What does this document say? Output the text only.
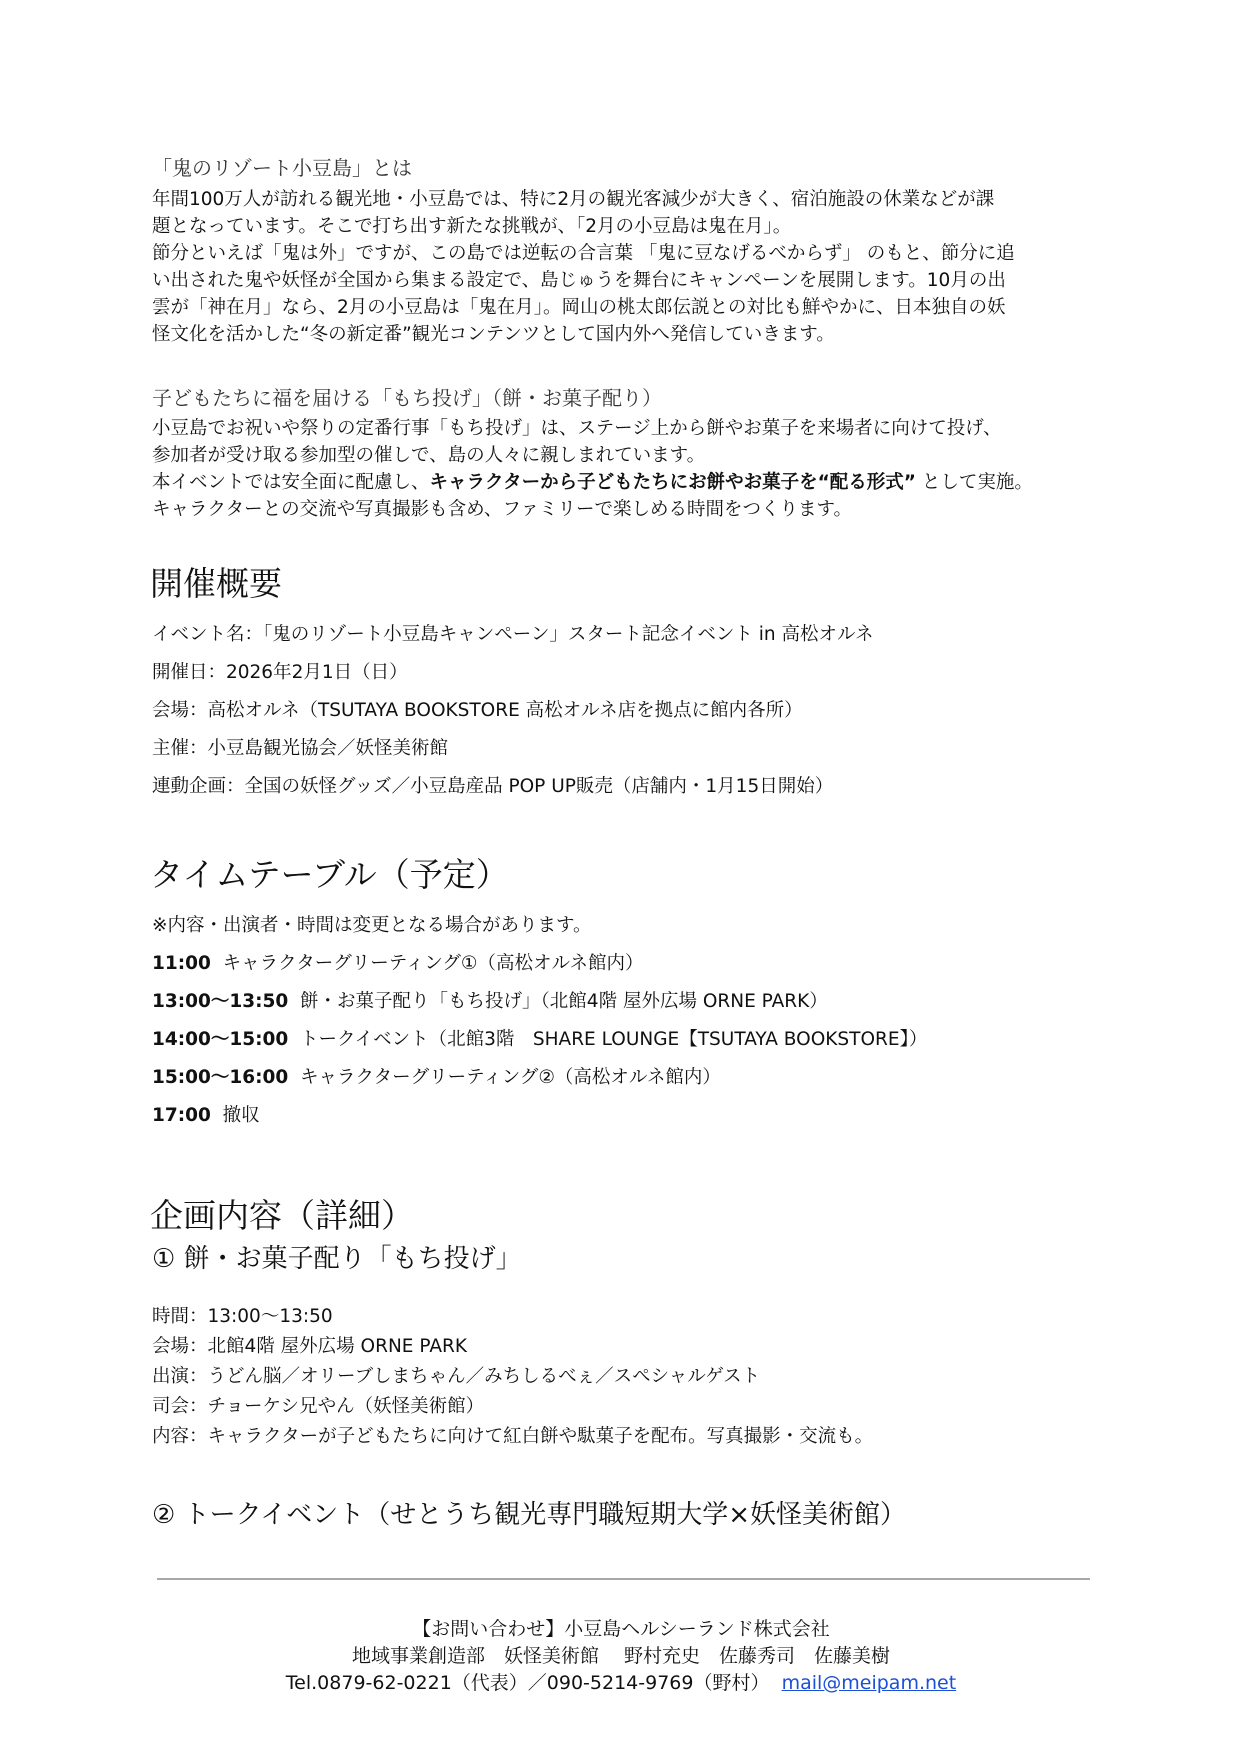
「鬼のリゾート小豆島」とは
年間100万人が訪れる観光地・小豆島では、特に2月の観光客減少が大きく、宿泊施設の休業などが課
題となっています。そこで打ち出す新たな挑戦が、「2月の小豆島は鬼在月」。
節分といえば「鬼は外」ですが、この島では逆転の合言葉 「鬼に豆なげるべからず」 のもと、節分に追
い出された鬼や妖怪が全国から集まる設定で、島じゅうを舞台にキャンペーンを展開します。10月の出
雲が「神在月」なら、2月の小豆島は「鬼在月」。岡山の桃太郎伝説との対比も鮮やかに、日本独自の妖
怪文化を活かした“冬の新定番”観光コンテンツとして国内外へ発信していきます。
子どもたちに福を届ける「もち投げ」（餅・お菓子配り）
小豆島でお祝いや祭りの定番行事「もち投げ」は、ステージ上から餅やお菓子を来場者に向けて投げ、
参加者が受け取る参加型の催しで、島の人々に親しまれています。
本イベントでは安全面に配慮し、キャラクターから子どもたちにお餅やお菓子を“配る形式” として実施。
キャラクターとの交流や写真撮影も含め、ファミリーで楽しめる時間をつくります。
開催概要
イベント名：「鬼のリゾート小豆島キャンペーン」スタート記念イベント in 高松オルネ
開催日：2026年2月1日（日）
会場：高松オルネ（TSUTAYA BOOKSTORE 高松オルネ店を拠点に館内各所）
主催：小豆島観光協会／妖怪美術館
連動企画：全国の妖怪グッズ／小豆島産品 POP UP販売（店舗内・1月15日開始）
タイムテーブル（予定）
※内容・出演者・時間は変更となる場合があります。
11:00 キャラクターグリーティング①（高松オルネ館内）
13:00～13:50 餅・お菓子配り「もち投げ」（北館4階 屋外広場 ORNE PARK）
14:00～15:00 トークイベント（北館3階　SHARE LOUNGE【TSUTAYA BOOKSTORE】）
15:00～16:00 キャラクターグリーティング②（高松オルネ館内）
17:00 撤収
企画内容（詳細）
① 餅・お菓子配り「もち投げ」
時間：13:00～13:50
会場：北館4階 屋外広場 ORNE PARK
出演：うどん脳／オリーブしまちゃん／みちしるべぇ／スペシャルゲスト
司会：チョーケシ兄やん（妖怪美術館）
内容：キャラクターが子どもたちに向けて紅白餅や駄菓子を配布。写真撮影・交流も。
② トークイベント（せとうち観光専門職短期大学×妖怪美術館）
【お問い合わせ】小豆島ヘルシーランド株式会社
地域事業創造部　妖怪美術館　 野村充史　佐藤秀司　佐藤美樹
Tel.0879-62-0221（代表）／090-5214-9769（野村） mail@meipam.net
